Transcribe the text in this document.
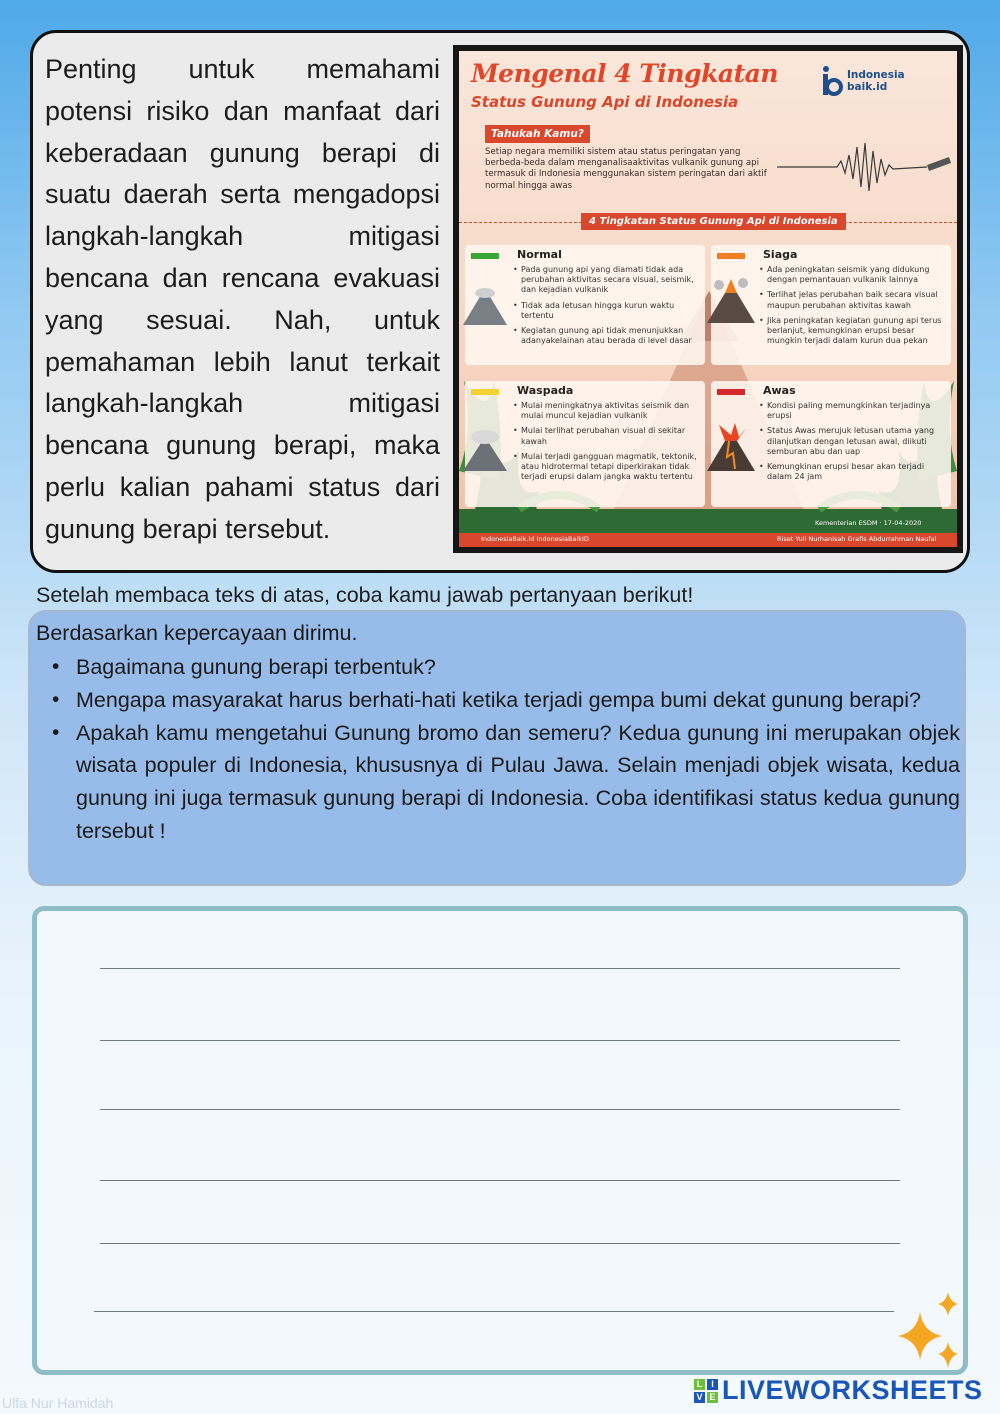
Penting untuk memahami potensi risiko dan manfaat dari keberadaan gunung berapi di suatu daerah serta mengadopsi langkah-langkah mitigasi bencana dan rencana evakuasi yang sesuai. Nah, untuk pemahaman lebih lanut terkait langkah-langkah mitigasi bencana gunung berapi, maka perlu kalian pahami status dari gunung berapi tersebut.

Mengenal 4 Tingkatan
Status Gunung Api di Indonesia
Indonesia baik.id
Tahukah Kamu?

Setiap negara memiliki sistem atau status peringatan yang berbeda-beda dalam menganalisaaktivitas vulkanik gunung api termasuk di Indonesia menggunakan sistem peringatan dari aktif normal hingga awas

4 Tingkatan Status Gunung Api di Indonesia
Normal
• Pada gunung api yang diamati tidak ada perubahan aktivitas secara visual, seismik, dan kejadian vulkanik
• Tidak ada letusan hingga kurun waktu tertentu
• Kegiatan gunung api tidak menunjukkan adanyakelainan atau berada di level dasar
Siaga
• Ada peningkatan seismik yang didukung dengan pemantauan vulkanik lainnya
• Terlihat jelas perubahan baik secara visual maupun perubahan aktivitas kawah
• Jika peningkatan kegiatan gunung api terus berlanjut, kemungkinan erupsi besar mungkin terjadi dalam kurun dua pekan
Waspada
• Mulai meningkatnya aktivitas seismik dan mulai muncul kejadian vulkanik
• Mulai terlihat perubahan visual di sekitar kawah
• Mulai terjadi gangguan magmatik, tektonik, atau hidrotermal tetapi diperkirakan tidak terjadi erupsi dalam jangka waktu tertentu
Awas
• Kondisi paling memungkinkan terjadinya erupsi
• Status Awas merujuk letusan utama yang dilanjutkan dengan letusan awal, diikuti semburan abu dan uap
• Kemungkinan erupsi besar akan terjadi dalam 24 jam
Kementerian ESDM · 17-04-2020
IndonesiaBaik.id IndonesiaBaikID	Riset Yuli Nurhanisah Grafis Abdurrahman Naufal
Setelah membaca teks di atas, coba kamu jawab pertanyaan berikut!
Berdasarkan kepercayaan dirimu.
• Bagaimana gunung berapi terbentuk?
• Mengapa masyarakat harus berhati-hati ketika terjadi gempa bumi dekat gunung berapi?
• Apakah kamu mengetahui Gunung bromo dan semeru? Kedua gunung ini merupakan objek wisata populer di Indonesia, khususnya di Pulau Jawa. Selain menjadi objek wisata, kedua gunung ini juga termasuk gunung berapi di Indonesia. Coba identifikasi status kedua gunung tersebut !
L I
V E LIVEWORKSHEETS
Ulfa Nur Hamidah
